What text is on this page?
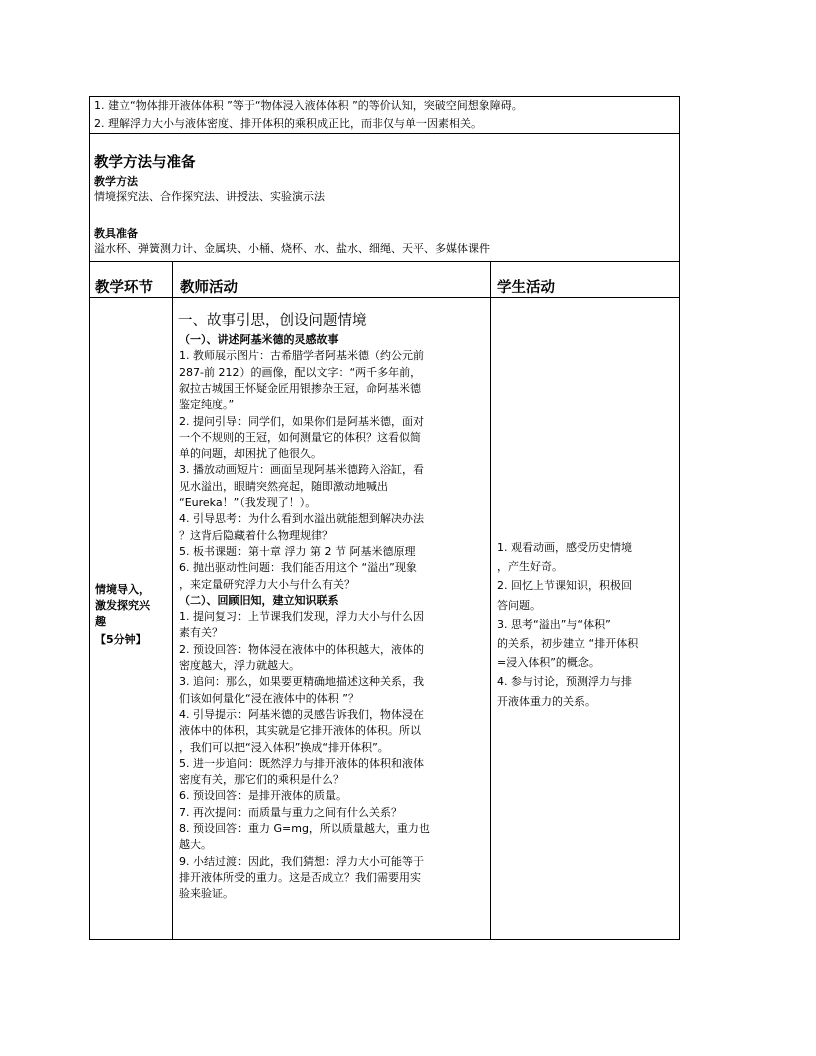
1. 建立“物体排开液体体积 ”等于“物体浸入液体体积 ”的等价认知，突破空间想象障碍。
2. 理解浮力大小与液体密度、排开体积的乘积成正比，而非仅与单一因素相关。
教学方法与准备
教学方法
情境探究法、合作探究法、讲授法、实验演示法
教具准备
溢水杯、弹簧测力计、金属块、小桶、烧杯、水、盐水、细绳、天平、多媒体课件
教学环节 教师活动	学生活动
情境导入，
激发探究兴
趣
【5分钟】
一、故事引思，创设问题情境
（一）、讲述阿基米德的灵感故事
1. 教师展示图片：古希腊学者阿基米德（约公元前
287-前 212）的画像，配以文字：“两千多年前，
叙拉古城国王怀疑金匠用银掺杂王冠，命阿基米德
鉴定纯度。”
2. 提问引导：同学们，如果你们是阿基米德，面对
一个不规则的王冠，如何测量它的体积？这看似简
单的问题，却困扰了他很久。
3. 播放动画短片：画面呈现阿基米德跨入浴缸，看
见水溢出，眼睛突然亮起，随即激动地喊出
“Eureka！”（我发现了！）。
4. 引导思考：为什么看到水溢出就能想到解决办法
？这背后隐藏着什么物理规律？
5. 板书课题：第十章 浮力 第 2 节 阿基米德原理
6. 抛出驱动性问题：我们能否用这个 “溢出”现象
，来定量研究浮力大小与什么有关？
（二）、回顾旧知，建立知识联系
1. 提问复习：上节课我们发现，浮力大小与什么因
素有关？
2. 预设回答：物体浸在液体中的体积越大，液体的
密度越大，浮力就越大。
3. 追问：那么，如果要更精确地描述这种关系，我
们该如何量化“浸在液体中的体积 ”？
4. 引导提示：阿基米德的灵感告诉我们，物体浸在
液体中的体积，其实就是它排开液体的体积。所以
，我们可以把“浸入体积”换成“排开体积”。
5. 进一步追问：既然浮力与排开液体的体积和液体
密度有关，那它们的乘积是什么？
6. 预设回答：是排开液体的质量。
7. 再次提问：而质量与重力之间有什么关系？
8. 预设回答：重力 G=mg，所以质量越大，重力也
越大。
9. 小结过渡：因此，我们猜想：浮力大小可能等于
排开液体所受的重力。这是否成立？我们需要用实
验来验证。
1. 观看动画，感受历史情境
，产生好奇。
2. 回忆上节课知识，积极回
答问题。
3. 思考“溢出”与“体积”
的关系，初步建立 “排开体积
=浸入体积”的概念。
4. 参与讨论，预测浮力与排
开液体重力的关系。
